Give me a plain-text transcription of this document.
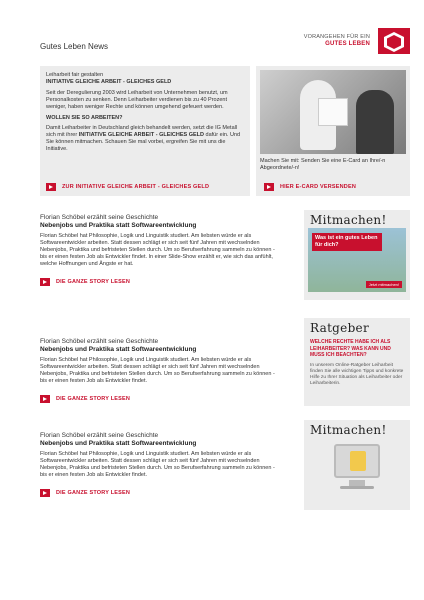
Gutes Leben News
VORANGEHEN FÜR EIN
GUTES LEBEN
Leiharbeit fair gestalten
INITIATIVE GLEICHE ARBEIT - GLEICHES GELD
Seit der Deregulierung 2003 wird Leiharbeit von Unternehmen benutzt, um Personalkosten zu senken. Denn Leiharbeiter verdienen bis zu 40 Prozent weniger, haben weniger Rechte und können umgehend gefeuert werden.
WOLLEN SIE SO ARBEITEN?
Damit Leiharbeiter in Deutschland gleich behandelt werden, setzt die IG Metall sich mit ihrer INITIATIVE GLEICHE ARBEIT - GLEICHES GELD dafür ein. Und Sie können mitmachen. Schauen Sie mal vorbei, ergreifen Sie mit uns die Initiative.
ZUR INITIATIVE GLEICHE ARBEIT - GLEICHES GELD
Machen Sie mit: Senden Sie eine E-Card an Ihre/-n Abgeordnete/-n!
HIER E-CARD VERSENDEN
Florian Schöbel erzählt seine Geschichte
Nebenjobs und Praktika statt Softwareentwicklung
Florian Schöbel hat Philosophie, Logik und Linguistik studiert. Am liebsten würde er als Softwareentwickler arbeiten. Statt dessen schlägt er sich seit fünf Jahren mit wechselnden Nebenjobs, Praktika und befristeten Stellen durch. Um so Berufserfahrung sammeln zu können - bis er einen festen Job als Entwickler findet. In einer Slide-Show erzählt er, wie sich das anfühlt, welche Hoffnungen und Ängste er hat.
DIE GANZE STORY LESEN
Florian Schöbel erzählt seine Geschichte
Nebenjobs und Praktika statt Softwareentwicklung
Florian Schöbel hat Philosophie, Logik und Linguistik studiert. Am liebsten würde er als Softwareentwickler arbeiten. Statt dessen schlägt er sich seit fünf Jahren mit wechselnden Nebenjobs, Praktika und befristeten Stellen durch. Um so Berufserfahrung sammeln zu können - bis er einen festen Job als Entwickler findet.
DIE GANZE STORY LESEN
Florian Schöbel erzählt seine Geschichte
Nebenjobs und Praktika statt Softwareentwicklung
Florian Schöbel hat Philosophie, Logik und Linguistik studiert. Am liebsten würde er als Softwareentwickler arbeiten. Statt dessen schlägt er sich seit fünf Jahren mit wechselnden Nebenjobs, Praktika und befristeten Stellen durch. Um so Berufserfahrung sammeln zu können - bis er einen festen Job als Entwickler findet.
DIE GANZE STORY LESEN
Mitmachen!
Was ist ein gutes Leben für dich?
Jetzt mitmachen!
Ratgeber
WELCHE RECHTE HABE ICH ALS LEIHARBEITER? WAS KANN UND MUSS ICH BEACHTEN?
In unserem Online-Ratgeber Leiharbeit finden Sie alle wichtigen Tipps und konkrete Hilfe zu Ihrer Situation als Leiharbeiter oder Leiharbeiterin.
Mitmachen!
